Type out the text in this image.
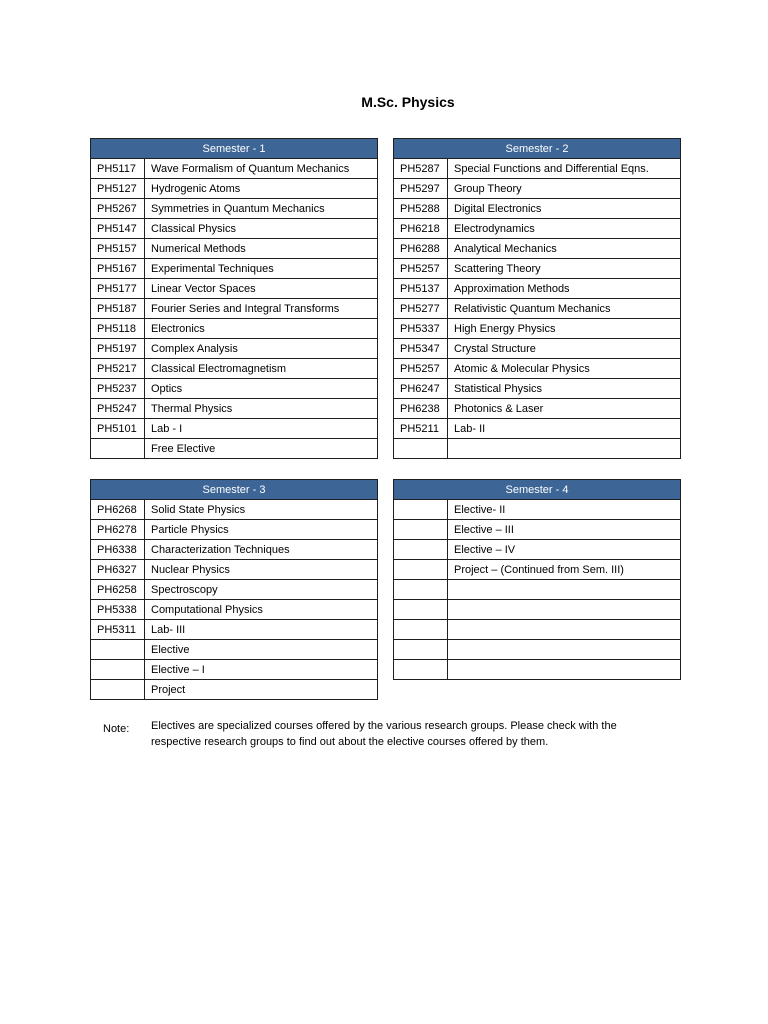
M.Sc. Physics
Semester - 1	
PH5117	Wave Formalism of Quantum Mechanics
PH5127	Hydrogenic Atoms
PH5267	Symmetries in Quantum Mechanics
PH5147	Classical Physics
PH5157	Numerical Methods
PH5167	Experimental Techniques
PH5177	Linear Vector Spaces
PH5187	Fourier Series and Integral Transforms
PH5118	Electronics
PH5197	Complex Analysis
PH5217	Classical Electromagnetism
PH5237	Optics
PH5247	Thermal Physics
PH5101	Lab - I
	Free Elective
Semester - 2	
PH5287	Special Functions and Differential Eqns.
PH5297	Group Theory
PH5288	Digital Electronics
PH6218	Electrodynamics
PH6288	Analytical Mechanics
PH5257	Scattering Theory
PH5137	Approximation Methods
PH5277	Relativistic Quantum Mechanics
PH5337	High Energy Physics
PH5347	Crystal Structure
PH5257	Atomic & Molecular Physics
PH6247	Statistical Physics
PH6238	Photonics & Laser
PH5211	Lab- II

Semester - 3	
PH6268	Solid State Physics
PH6278	Particle Physics
PH6338	Characterization Techniques
PH6327	Nuclear Physics
PH6258	Spectroscopy
PH5338	Computational Physics
PH5311	Lab- III
	Elective
	Elective – I
	Project
Semester - 4	
	Elective- II
	Elective – III
	Elective – IV
	Project – (Continued from Sem. III)

Note: Electives are specialized courses offered by the various research groups. Please check with the
respective research groups to find out about the elective courses offered by them.
